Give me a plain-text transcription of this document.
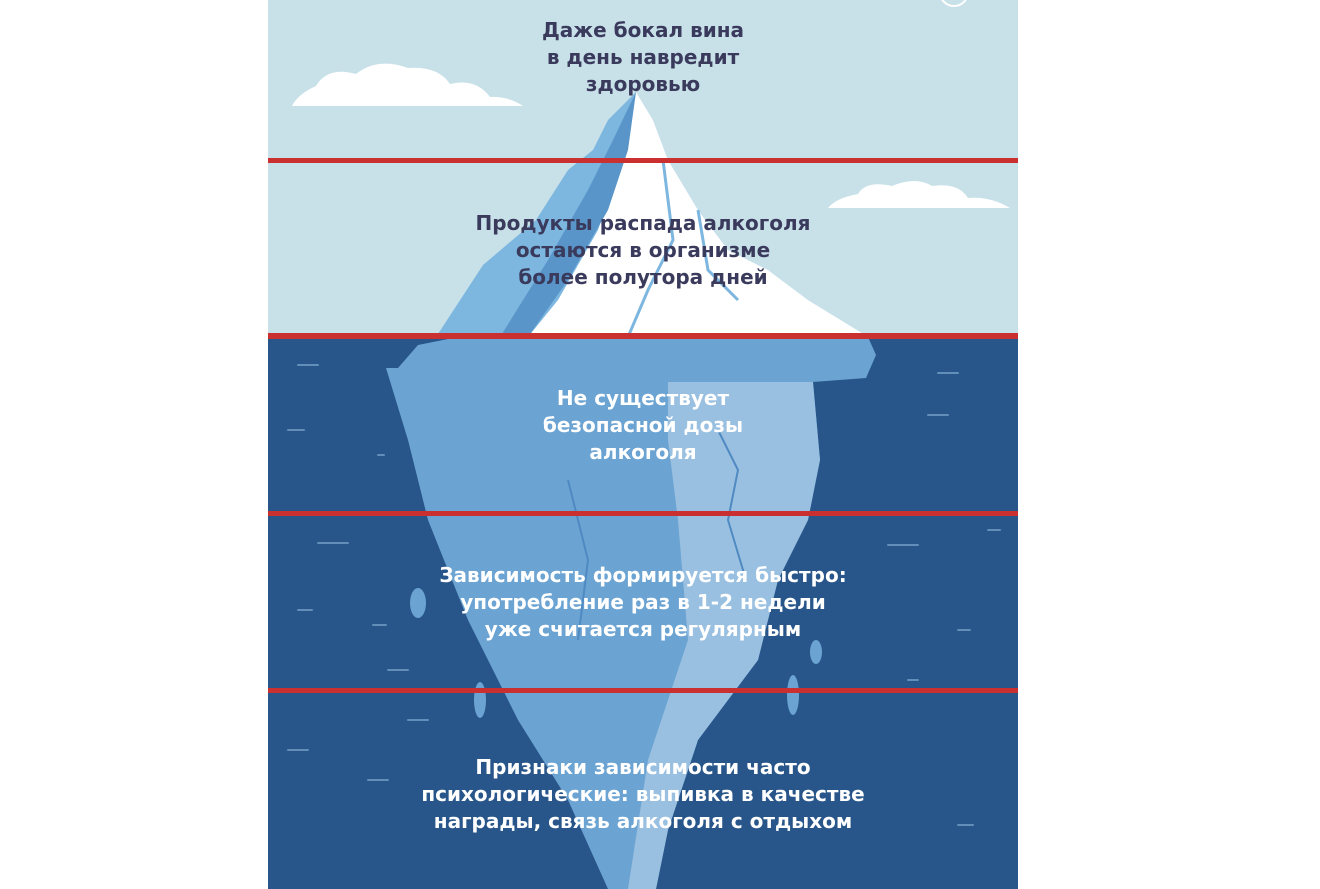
Даже бокал вина
в день навредит
здоровью

Продукты распада алкоголя
остаются в организме
более полутора дней

Не существует
безопасной дозы
алкоголя

Зависимость формируется быстро:
употребление раз в 1-2 недели
уже считается регулярным

Признаки зависимости часто
психологические: выпивка в качестве
награды, связь алкоголя с отдыхом
